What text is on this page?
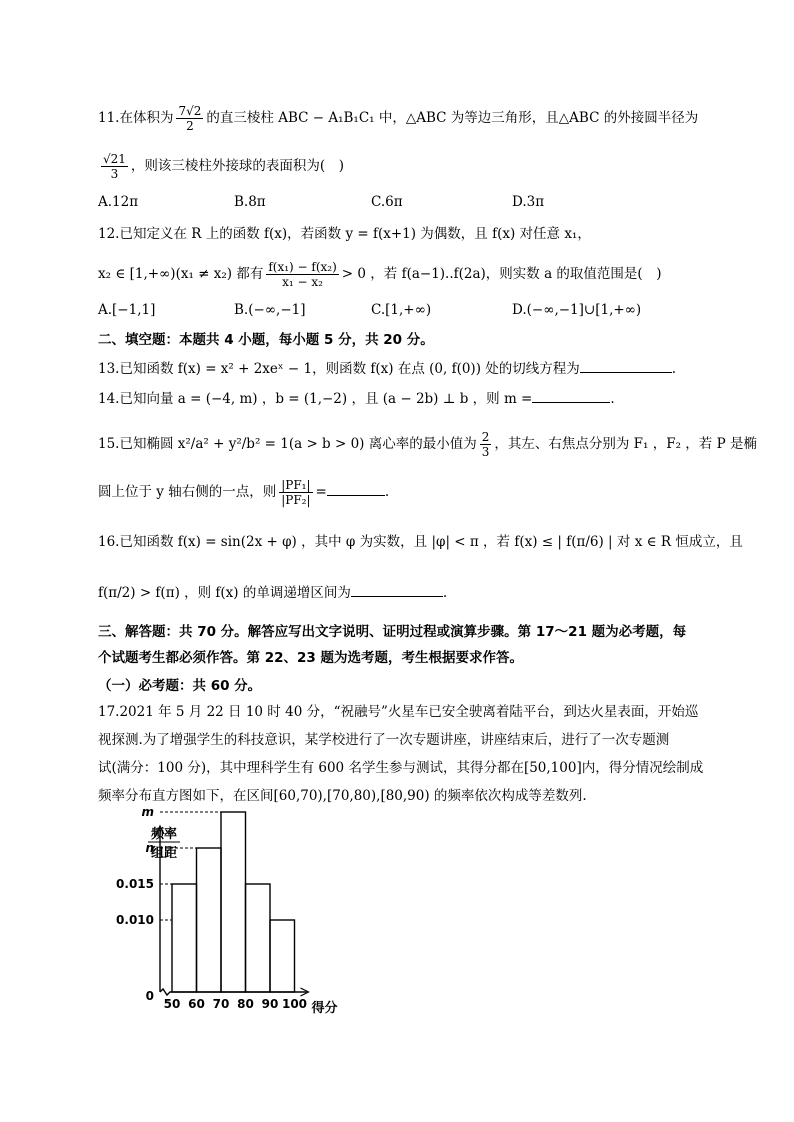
11.在体积为 $\frac{7√2}{2}$ 的直三棱柱 ABC − A₁B₁C₁ 中，△ABC 为等边三角形，且△ABC 的外接圆半径为
$\frac{√21}{3}$ ，则该三棱柱外接球的表面积为(　)
A.12π	B.8π	C.6π	D.3π
12.已知定义在 R 上的函数 f(x)，若函数 y = f(x+1) 为偶数，且 f(x) 对任意 x₁，
x₂ ∈ [1,+∞)(x₁ ≠ x₂) 都有 $\frac{\text{f(x₁) − f(x₂)}}{\text{x₁ − x₂}} > 0$ ，若 f(a−1)..f(2a)，则实数 a 的取值范围是(　)
A.[−1,1]	B.(−∞,−1]	C.[1,+∞)	D.(−∞,−1]∪[1,+∞)
二、填空题：本题共 4 小题，每小题 5 分，共 20 分。
13.已知函数 f(x) = x² + 2xeˣ − 1，则函数 f(x) 在点 (0, f(0)) 处的切线方程为	.
14.已知向量 a = (−4, m) ，b = (1,−2) ，且 (a − 2b) ⊥ b ，则 m =	.
15.已知椭圆 x²/a² + y²/b² = 1(a > b > 0) 离心率的最小值为 $\frac{2}{3}$ ，其左、右焦点分别为 F₁ ，F₂ ，若 P 是椭
圆上位于 y 轴右侧的一点，则 $\frac{\text{|PF₁|}}{\text{|PF₂|}}$ =	.
16.已知函数 f(x) = sin(2x + φ) ，其中 φ 为实数，且 |φ| < π ，若 f(x) ≤ | f(π/6) | 对 x ∈ R 恒成立，且
f(π/2) > f(π) ，则 f(x) 的单调递增区间为	.
三、解答题：共 70 分。解答应写出文字说明、证明过程或演算步骤。第 17～21 题为必考题，每
个试题考生都必须作答。第 22、23 题为选考题，考生根据要求作答。
（一）必考题：共 60 分。
17.2021 年 5 月 22 日 10 时 40 分，“祝融号”火星车已安全驶离着陆平台，到达火星表面，开始巡
视探测.为了增强学生的科技意识，某学校进行了一次专题讲座，讲座结束后，进行了一次专题测
试(满分：100 分)，其中理科学生有 600 名学生参与测试，其得分都在[50,100]内，得分情况绘制成
频率分布直方图如下，在区间[60,70),[70,80),[80,90) 的频率依次构成等差数列.
0
0.010
0.015
n
m
50 60 70 80 90 100
频率
组距
得分
